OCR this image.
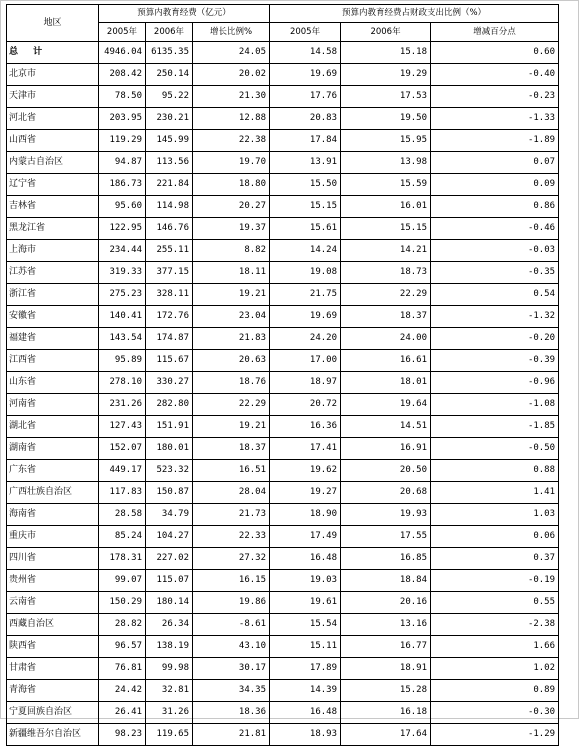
地区	预算内教育经费（亿元）			预算内教育经费占财政支出比例（%）		
	2005年	2006年	增长比例%	2005年	2006年	增减百分点
总 计	4946.04	6135.35	24.05	14.58	15.18	0.60
北京市	208.42	250.14	20.02	19.69	19.29	-0.40
天津市	78.50	95.22	21.30	17.76	17.53	-0.23
河北省	203.95	230.21	12.88	20.83	19.50	-1.33
山西省	119.29	145.99	22.38	17.84	15.95	-1.89
内蒙古自治区	94.87	113.56	19.70	13.91	13.98	0.07
辽宁省	186.73	221.84	18.80	15.50	15.59	0.09
吉林省	95.60	114.98	20.27	15.15	16.01	0.86
黑龙江省	122.95	146.76	19.37	15.61	15.15	-0.46
上海市	234.44	255.11	8.82	14.24	14.21	-0.03
江苏省	319.33	377.15	18.11	19.08	18.73	-0.35
浙江省	275.23	328.11	19.21	21.75	22.29	0.54
安徽省	140.41	172.76	23.04	19.69	18.37	-1.32
福建省	143.54	174.87	21.83	24.20	24.00	-0.20
江西省	95.89	115.67	20.63	17.00	16.61	-0.39
山东省	278.10	330.27	18.76	18.97	18.01	-0.96
河南省	231.26	282.80	22.29	20.72	19.64	-1.08
湖北省	127.43	151.91	19.21	16.36	14.51	-1.85
湖南省	152.07	180.01	18.37	17.41	16.91	-0.50
广东省	449.17	523.32	16.51	19.62	20.50	0.88
广西壮族自治区	117.83	150.87	28.04	19.27	20.68	1.41
海南省	28.58	34.79	21.73	18.90	19.93	1.03
重庆市	85.24	104.27	22.33	17.49	17.55	0.06
四川省	178.31	227.02	27.32	16.48	16.85	0.37
贵州省	99.07	115.07	16.15	19.03	18.84	-0.19
云南省	150.29	180.14	19.86	19.61	20.16	0.55
西藏自治区	28.82	26.34	-8.61	15.54	13.16	-2.38
陕西省	96.57	138.19	43.10	15.11	16.77	1.66
甘肃省	76.81	99.98	30.17	17.89	18.91	1.02
青海省	24.42	32.81	34.35	14.39	15.28	0.89
宁夏回族自治区	26.41	31.26	18.36	16.48	16.18	-0.30
新疆维吾尔自治区	98.23	119.65	21.81	18.93	17.64	-1.29
